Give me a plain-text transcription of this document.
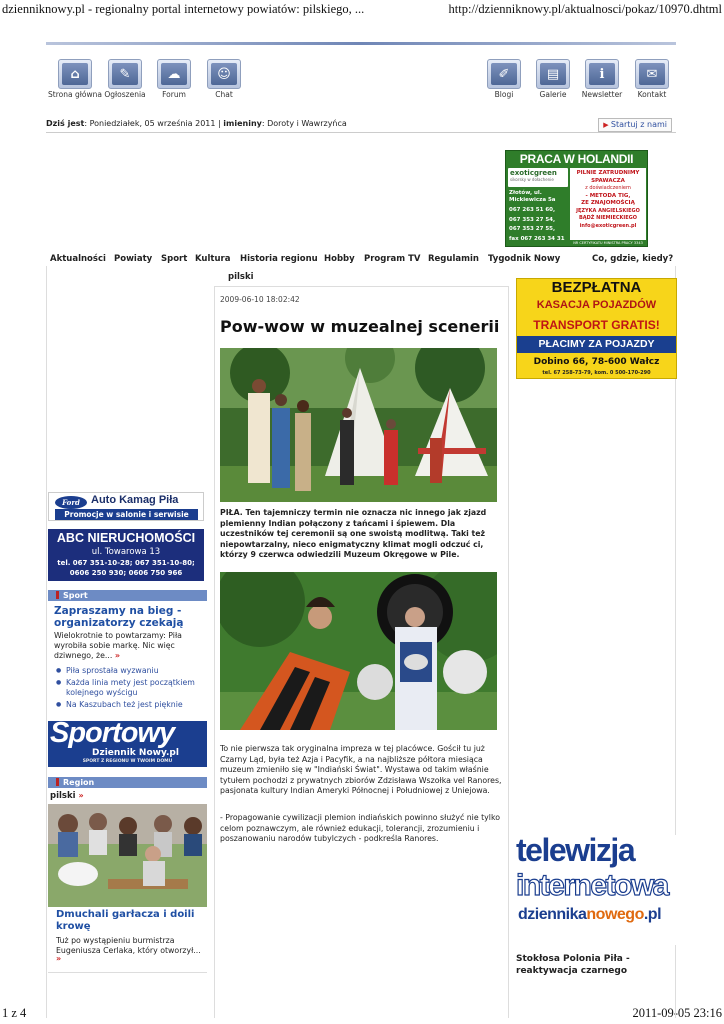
dzienniknowy.pl - regionalny portal internetowy powiatów: pilskiego, ...	http://dzienniknowy.pl/aktualnosci/pokaz/10970.dhtml
1 z 4	2011-09-05 23:16
⌂
Strona główna
✎
Ogłoszenia
☁
Forum
☺
Chat
✐
Blogi
▤
Galerie
i
Newsletter
✉
Kontakt
Dziś jest: Poniedziałek, 05 września 2011 | imieniny: Doroty i Wawrzyńca
▶	Startuj z nami
PRACA W HOLANDII
exoticgreen
sikorsky w dołachenie
Złotów, ul. Mickiewicza 5a
067 263 51 60,
067 353 27 54,
067 353 27 55,
fax 067 263 34 31
PILNIE ZATRUDNIMY
SPAWACZA
z doświadczeniem
- METODA TIG,
ZE ZNAJOMOŚCIĄ
JĘZYKA ANGIELSKIEGO
BĄDŹ NIEMIECKIEGO
info@exoticgreen.pl
NR CERTYFIKATU MINISTRA PRACY 3343
Aktualności Powiaty Sport Kultura Historia regionu Hobby Program TV Regulamin Tygodnik Nowy	Co, gdzie, kiedy?
pilski
2009-06-10 18:02:42
Pow-wow w muzealnej scenerii
PIŁA. Ten tajemniczy termin nie oznacza nic innego jak zjazd plemienny Indian połączony z tańcami i śpiewem. Dla uczestników tej ceremonii są one swoistą modlitwą. Taki też niepowtarzalny, nieco enigmatyczny klimat mogli odczuć ci, którzy 9 czerwca odwiedzili Muzeum Okręgowe w Pile.
To nie pierwsza tak oryginalna impreza w tej placówce. Gościł tu już Czarny Ląd, była też Azja i Pacyfik, a na najbliższe półtora miesiąca muzeum zmieniło się w "Indiański Świat". Wystawa od takim właśnie tytułem pochodzi z prywatnych zbiorów Zdzisława Wszołka vel Ranores, pasjonata kultury Indian Ameryki Północnej i Południowej z Uniejowa.
- Propagowanie cywilizacji plemion indiańskich powinno służyć nie tylko celom poznawczym, ale również edukacji, tolerancji, zrozumieniu i poszanowaniu narodów tubylczych - podkreśla Ranores.
BEZPŁATNA
KASACJA POJAZDÓW
TRANSPORT GRATIS!
PŁACIMY ZA POJAZDY
Dobino 66, 78-600 Wałcz
tel. 67 258-73-79, kom. 0 500-170-290
Ford	Auto Kamag Piła
Promocje w salonie i serwisie
ABC NIERUCHOMOŚCI
ul. Towarowa 13
tel. 067 351-10-28; 067 351-10-80;
0606 250 930; 0606 750 966
Sport
Zapraszamy na bieg - organizatorzy czekają
Wielokrotnie to powtarzamy: Piła wyrobiła sobie markę. Nic więc dziwnego, że... »
● Piła sprostała wyzwaniu
● Każda linia mety jest początkiem kolejnego wyścigu
● Na Kaszubach też jest pięknie
Sportowy
Dziennik Nowy.pl
SPORT Z REGIONU W TWOIM DOMU
Region
pilski »
Dmuchali garłacza i doili krowę
Tuż po wystąpieniu burmistrza Eugeniusza Cerlaka, który otworzył...
»
telewizja
internetowa
dziennikanowego.pl
Stokłosa Polonia Piła - reaktywacja czarnego
